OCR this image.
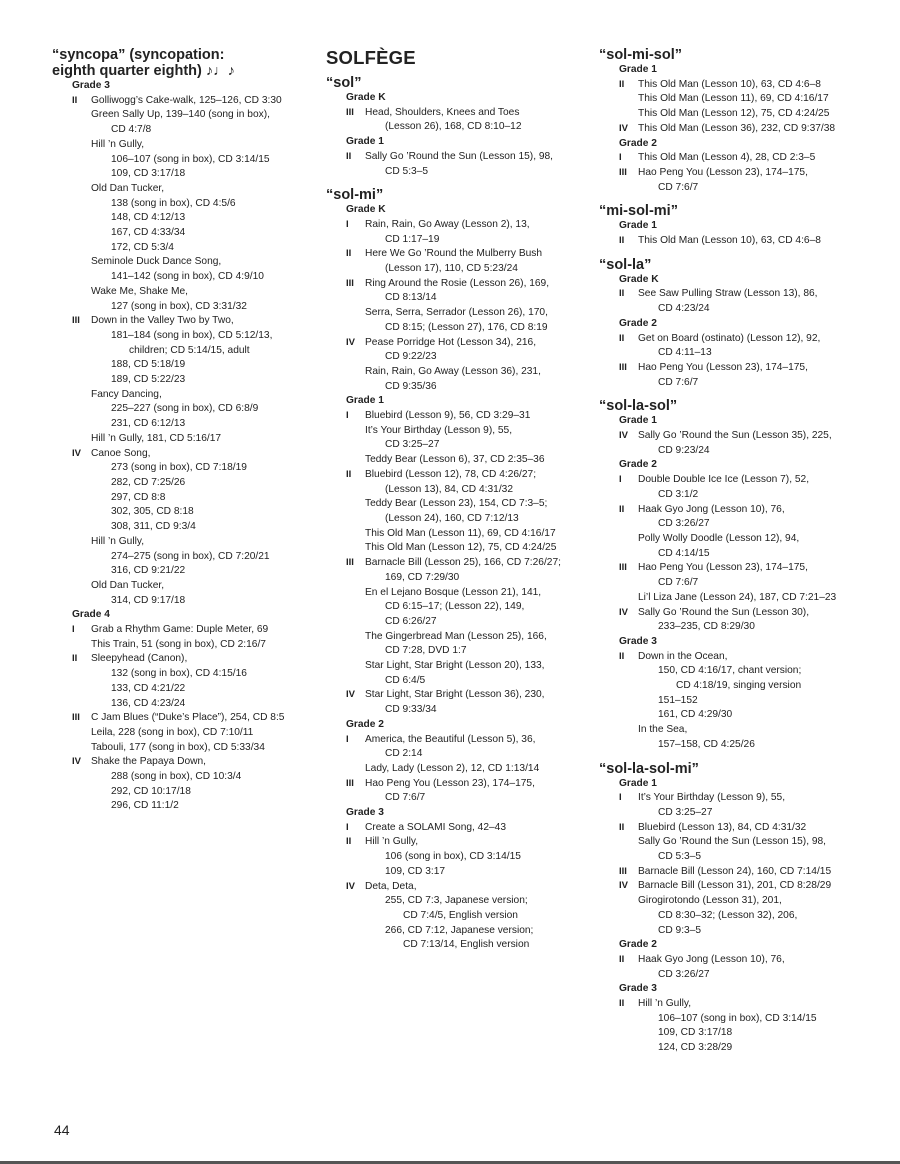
“syncopa” (syncopation:
eighth quarter eighth) ♪♩♪
Grade 3
II	Golliwogg’s Cake-walk, 125–126, CD 3:30
Green Sally Up, 139–140 (song in box),
CD 4:7/8
Hill ’n Gully,
106–107 (song in box), CD 3:14/15
109, CD 3:17/18
Old Dan Tucker,
138 (song in box), CD 4:5/6
148, CD 4:12/13
167, CD 4:33/34
172, CD 5:3/4
Seminole Duck Dance Song,
141–142 (song in box), CD 4:9/10
Wake Me, Shake Me,
127 (song in box), CD 3:31/32
III	Down in the Valley Two by Two,
181–184 (song in box), CD 5:12/13,
children; CD 5:14/15, adult
188, CD 5:18/19
189, CD 5:22/23
Fancy Dancing,
225–227 (song in box), CD 6:8/9
231, CD 6:12/13
Hill ’n Gully, 181, CD 5:16/17
IV Canoe Song,
273 (song in box), CD 7:18/19
282, CD 7:25/26
297, CD 8:8
302, 305, CD 8:18
308, 311, CD 9:3/4
Hill ’n Gully,
274–275 (song in box), CD 7:20/21
316, CD 9:21/22
Old Dan Tucker,
314, CD 9:17/18
Grade 4
I	Grab a Rhythm Game: Duple Meter, 69
This Train, 51 (song in box), CD 2:16/7
II	Sleepyhead (Canon),
132 (song in box), CD 4:15/16
133, CD 4:21/22
136, CD 4:23/24
III	C Jam Blues (“Duke’s Place”), 254, CD 8:5
Leila, 228 (song in box), CD 7:10/11
Tabouli, 177 (song in box), CD 5:33/34
IV Shake the Papaya Down,
288 (song in box), CD 10:3/4
292, CD 10:17/18
296, CD 11:1/2
SOLFÈGE
“sol”
Grade K
III	Head, Shoulders, Knees and Toes
(Lesson 26), 168, CD 8:10–12
Grade 1
II	Sally Go ’Round the Sun (Lesson 15), 98,
CD 5:3–5
“sol-mi”
Grade K
I	Rain, Rain, Go Away (Lesson 2), 13,
CD 1:17–19
II	Here We Go ’Round the Mulberry Bush
(Lesson 17), 110, CD 5:23/24
III	Ring Around the Rosie (Lesson 26), 169,
CD 8:13/14
Serra, Serra, Serrador (Lesson 26), 170,
CD 8:15; (Lesson 27), 176, CD 8:19
IV Pease Porridge Hot (Lesson 34), 216,
CD 9:22/23
Rain, Rain, Go Away (Lesson 36), 231,
CD 9:35/36
Grade 1
I	Bluebird (Lesson 9), 56, CD 3:29–31
It’s Your Birthday (Lesson 9), 55,
CD 3:25–27
Teddy Bear (Lesson 6), 37, CD 2:35–36
II	Bluebird (Lesson 12), 78, CD 4:26/27;
(Lesson 13), 84, CD 4:31/32
Teddy Bear (Lesson 23), 154, CD 7:3–5;
(Lesson 24), 160, CD 7:12/13
This Old Man (Lesson 11), 69, CD 4:16/17
This Old Man (Lesson 12), 75, CD 4:24/25
III	Barnacle Bill (Lesson 25), 166, CD 7:26/27;
169, CD 7:29/30
En el Lejano Bosque (Lesson 21), 141,
CD 6:15–17; (Lesson 22), 149,
CD 6:26/27
The Gingerbread Man (Lesson 25), 166,
CD 7:28, DVD 1:7
Star Light, Star Bright (Lesson 20), 133,
CD 6:4/5
IV Star Light, Star Bright (Lesson 36), 230,
CD 9:33/34
Grade 2
I	America, the Beautiful (Lesson 5), 36,
CD 2:14
Lady, Lady (Lesson 2), 12, CD 1:13/14
III	Hao Peng You (Lesson 23), 174–175,
CD 7:6/7
Grade 3
I	Create a SOLAMI Song, 42–43
II	Hill ’n Gully,
106 (song in box), CD 3:14/15
109, CD 3:17
IV Deta, Deta,
255, CD 7:3, Japanese version;
CD 7:4/5, English version
266, CD 7:12, Japanese version;
CD 7:13/14, English version
“sol-mi-sol”
Grade 1
II	This Old Man (Lesson 10), 63, CD 4:6–8
This Old Man (Lesson 11), 69, CD 4:16/17
This Old Man (Lesson 12), 75, CD 4:24/25
IV This Old Man (Lesson 36), 232, CD 9:37/38
Grade 2
I	This Old Man (Lesson 4), 28, CD 2:3–5
III	Hao Peng You (Lesson 23), 174–175,
CD 7:6/7
“mi-sol-mi”
Grade 1
II	This Old Man (Lesson 10), 63, CD 4:6–8
“sol-la”
Grade K
II	See Saw Pulling Straw (Lesson 13), 86,
CD 4:23/24
Grade 2
II	Get on Board (ostinato) (Lesson 12), 92,
CD 4:11–13
III	Hao Peng You (Lesson 23), 174–175,
CD 7:6/7
“sol-la-sol”
Grade 1
IV Sally Go ’Round the Sun (Lesson 35), 225,
CD 9:23/24
Grade 2
I	Double Double Ice Ice (Lesson 7), 52,
CD 3:1/2
II	Haak Gyo Jong (Lesson 10), 76,
CD 3:26/27
Polly Wolly Doodle (Lesson 12), 94,
CD 4:14/15
III	Hao Peng You (Lesson 23), 174–175,
CD 7:6/7
Li’l Liza Jane (Lesson 24), 187, CD 7:21–23
IV Sally Go ’Round the Sun (Lesson 30),
233–235, CD 8:29/30
Grade 3
II	Down in the Ocean,
150, CD 4:16/17, chant version;
CD 4:18/19, singing version
151–152
161, CD 4:29/30
In the Sea,
157–158, CD 4:25/26
“sol-la-sol-mi”
Grade 1
I	It’s Your Birthday (Lesson 9), 55,
CD 3:25–27
II	Bluebird (Lesson 13), 84, CD 4:31/32
Sally Go ’Round the Sun (Lesson 15), 98,
CD 5:3–5
III	Barnacle Bill (Lesson 24), 160, CD 7:14/15
IV Barnacle Bill (Lesson 31), 201, CD 8:28/29
Girogirotondo (Lesson 31), 201,
CD 8:30–32; (Lesson 32), 206,
CD 9:3–5
Grade 2
II	Haak Gyo Jong (Lesson 10), 76,
CD 3:26/27
Grade 3
II	Hill ’n Gully,
106–107 (song in box), CD 3:14/15
109, CD 3:17/18
124, CD 3:28/29
44
